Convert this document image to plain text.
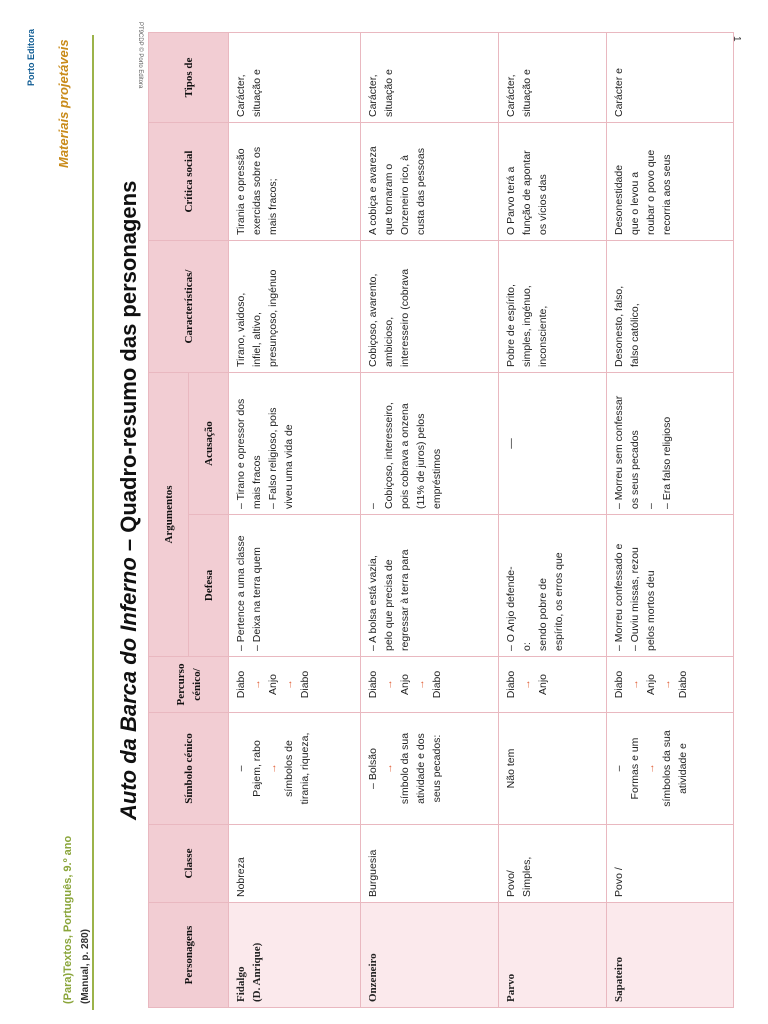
(Para)Textos, Português, 9.º ano
(Manual, p. 280)
Auto da Barca do Inferno – Quadro-resumo das personagens
Porto Editora Materiais projetáveis	PT9CDP © Porto Editora	1
Personagens	Classe	Símbolo cénico	Percurso cénico/	Argumentos		Características/	Crítica social	Tipos de
				Defesa	Acusação			

Fidalgo (D. Anrique)	Nobreza	– Pajem, rabo → símbolos de tirania, riqueza,	Diabo → Anjo → Diabo	– Pertence a uma classe – Deixa na terra quem	– Tirano e opressor dos mais fracos – Falso religioso, pois viveu uma vida de	Tirano, vaidoso, infiel, altivo, presunçoso, ingénuo	Tirania e opressão exercidas sobre os mais fracos;	Carácter, situação e

Onzeneiro	Burguesia	– Bolsão → símbolo da sua atividade e dos seus pecados:	Diabo → Anjo → Diabo	– A bolsa está vazia, pelo que precisa de regressar à terra para	– Cobiçoso, interesseiro, pois cobrava a onzena (11% de juros) pelos empréstimos	Cobiçoso, avarento, ambicioso, interesseiro (cobrava	A cobiça e avareza que tornaram o Onzeneiro rico, à custa das pessoas	Carácter, situação e

Parvo	Povo/ Simples,	Não tem	Diabo → Anjo	– O Anjo defende- o: sendo pobre de espírito, os erros que	—	Pobre de espírito, simples, ingénuo, inconsciente,	O Parvo terá a função de apontar os vícios das	Carácter, situação e

Sapateiro	Povo /	– Formas e um → símbolos da sua atividade e	Diabo → Anjo → Diabo	– Morreu confessado e – Ouviu missas, rezou pelos mortos deu	– Morreu sem confessar os seus pecados – – Era falso religioso	Desonesto, falso, falso católico,	Desonestidade que o levou a roubar o povo que recorria aos seus	Carácter e
